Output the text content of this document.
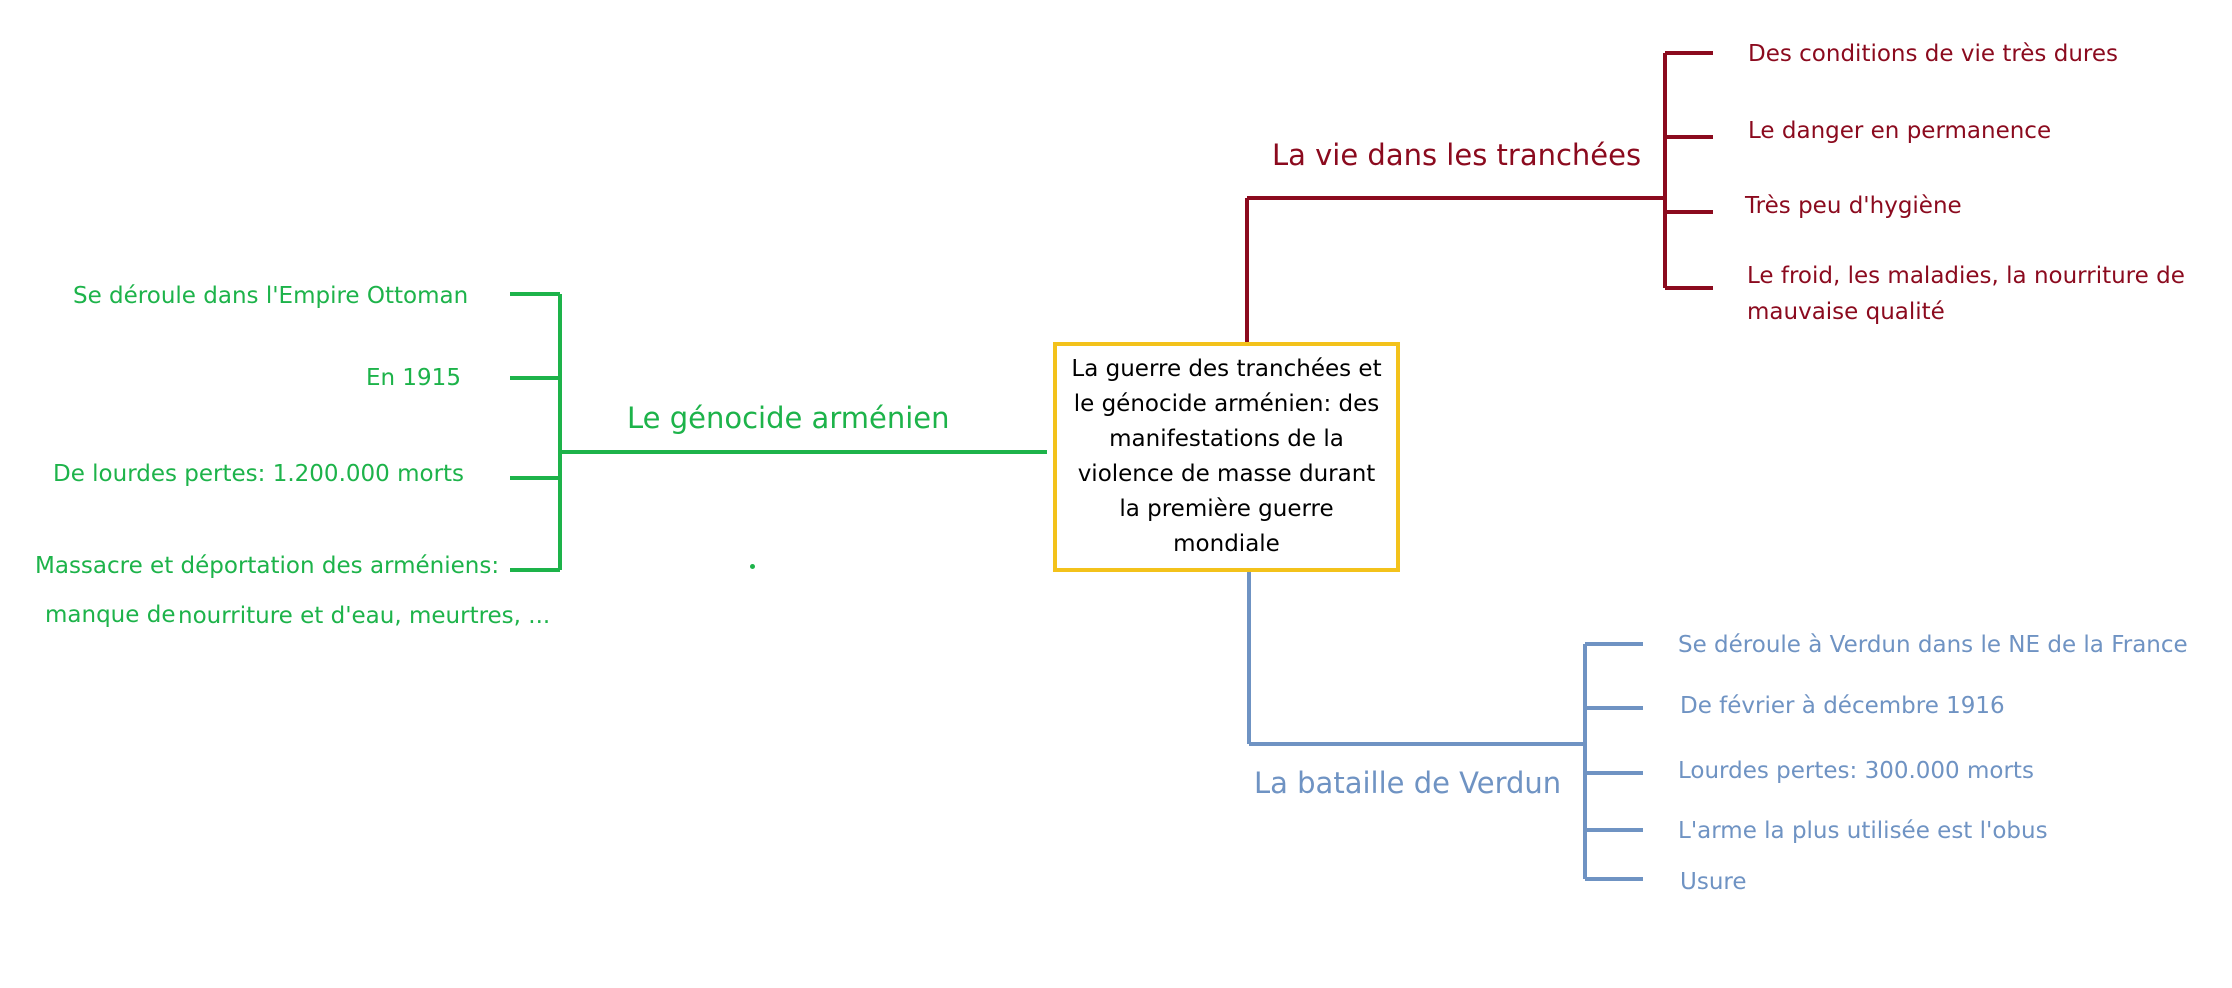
La guerre des tranchées et le génocide arménien: des manifestations de la violence de masse durant la première guerre mondiale
La vie dans les tranchées
Des conditions de vie très dures
Le danger en permanence
Très peu d'hygiène
Le froid, les maladies, la nourriture de
mauvaise qualité
Le génocide arménien
Se déroule dans l'Empire Ottoman
En 1915
De lourdes pertes: 1.200.000 morts
Massacre et déportation des arméniens:
manque de nourriture et d'eau, meurtres, ...
La bataille de Verdun
Se déroule à Verdun dans le NE de la France
De février à décembre 1916
Lourdes pertes: 300.000 morts
L'arme la plus utilisée est l'obus
Usure
